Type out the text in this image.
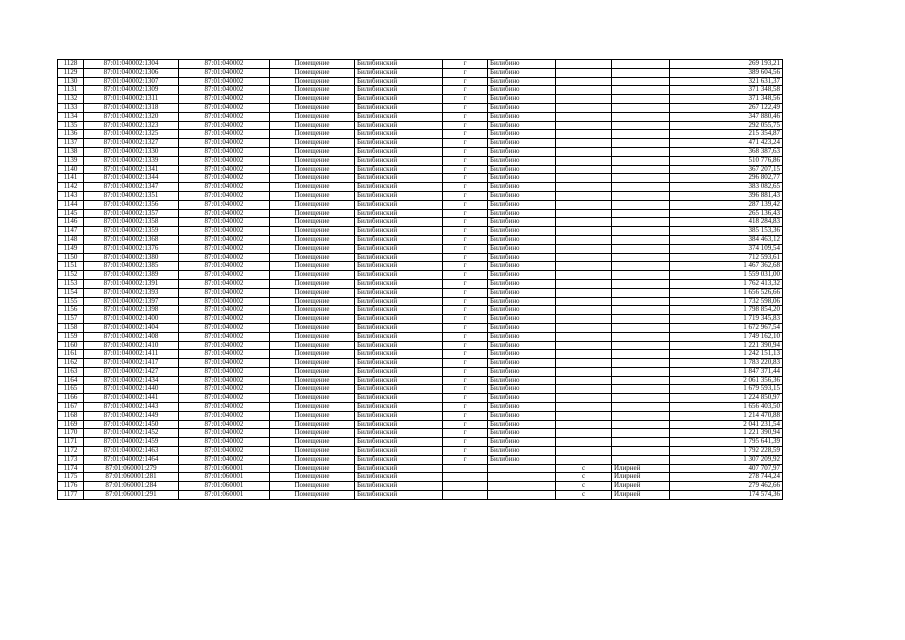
1128	87:01:040002:1304	87:01:040002	Помещение	Билибинский	г	Билибино			269 193,21
1129	87:01:040002:1306	87:01:040002	Помещение	Билибинский	г	Билибино			389 604,56
1130	87:01:040002:1307	87:01:040002	Помещение	Билибинский	г	Билибино			321 631,37
1131	87:01:040002:1309	87:01:040002	Помещение	Билибинский	г	Билибино			371 348,58
1132	87:01:040002:1311	87:01:040002	Помещение	Билибинский	г	Билибино			371 348,56
1133	87:01:040002:1318	87:01:040002	Помещение	Билибинский	г	Билибино			267 122,49
1134	87:01:040002:1320	87:01:040002	Помещение	Билибинский	г	Билибино			347 880,46
1135	87:01:040002:1323	87:01:040002	Помещение	Билибинский	г	Билибино			292 055,75
1136	87:01:040002:1325	87:01:040002	Помещение	Билибинский	г	Билибино			215 354,87
1137	87:01:040002:1327	87:01:040002	Помещение	Билибинский	г	Билибино			471 423,24
1138	87:01:040002:1330	87:01:040002	Помещение	Билибинский	г	Билибино			368 387,63
1139	87:01:040002:1339	87:01:040002	Помещение	Билибинский	г	Билибино			510 776,86
1140	87:01:040002:1341	87:01:040002	Помещение	Билибинский	г	Билибино			367 207,15
1141	87:01:040002:1344	87:01:040002	Помещение	Билибинский	г	Билибино			296 802,77
1142	87:01:040002:1347	87:01:040002	Помещение	Билибинский	г	Билибино			383 082,65
1143	87:01:040002:1351	87:01:040002	Помещение	Билибинский	г	Билибино			396 881,43
1144	87:01:040002:1356	87:01:040002	Помещение	Билибинский	г	Билибино			287 139,42
1145	87:01:040002:1357	87:01:040002	Помещение	Билибинский	г	Билибино			265 136,43
1146	87:01:040002:1358	87:01:040002	Помещение	Билибинский	г	Билибино			418 284,83
1147	87:01:040002:1359	87:01:040002	Помещение	Билибинский	г	Билибино			385 153,36
1148	87:01:040002:1368	87:01:040002	Помещение	Билибинский	г	Билибино			384 463,12
1149	87:01:040002:1376	87:01:040002	Помещение	Билибинский	г	Билибино			374 109,54
1150	87:01:040002:1380	87:01:040002	Помещение	Билибинский	г	Билибино			712 593,61
1151	87:01:040002:1385	87:01:040002	Помещение	Билибинский	г	Билибино			1 467 362,68
1152	87:01:040002:1389	87:01:040002	Помещение	Билибинский	г	Билибино			1 559 031,00
1153	87:01:040002:1391	87:01:040002	Помещение	Билибинский	г	Билибино			1 762 413,32
1154	87:01:040002:1393	87:01:040002	Помещение	Билибинский	г	Билибино			1 656 526,66
1155	87:01:040002:1397	87:01:040002	Помещение	Билибинский	г	Билибино			1 732 598,06
1156	87:01:040002:1398	87:01:040002	Помещение	Билибинский	г	Билибино			1 798 854,20
1157	87:01:040002:1400	87:01:040002	Помещение	Билибинский	г	Билибино			1 719 345,83
1158	87:01:040002:1404	87:01:040002	Помещение	Билибинский	г	Билибино			1 672 967,54
1159	87:01:040002:1408	87:01:040002	Помещение	Билибинский	г	Билибино			1 749 162,10
1160	87:01:040002:1410	87:01:040002	Помещение	Билибинский	г	Билибино			1 221 390,94
1161	87:01:040002:1411	87:01:040002	Помещение	Билибинский	г	Билибино			1 242 151,13
1162	87:01:040002:1417	87:01:040002	Помещение	Билибинский	г	Билибино			1 783 220,83
1163	87:01:040002:1427	87:01:040002	Помещение	Билибинский	г	Билибино			1 847 371,44
1164	87:01:040002:1434	87:01:040002	Помещение	Билибинский	г	Билибино			2 061 356,36
1165	87:01:040002:1440	87:01:040002	Помещение	Билибинский	г	Билибино			1 679 593,15
1166	87:01:040002:1441	87:01:040002	Помещение	Билибинский	г	Билибино			1 224 850,97
1167	87:01:040002:1443	87:01:040002	Помещение	Билибинский	г	Билибино			1 656 403,50
1168	87:01:040002:1449	87:01:040002	Помещение	Билибинский	г	Билибино			1 214 470,88
1169	87:01:040002:1450	87:01:040002	Помещение	Билибинский	г	Билибино			2 041 231,54
1170	87:01:040002:1452	87:01:040002	Помещение	Билибинский	г	Билибино			1 221 390,94
1171	87:01:040002:1459	87:01:040002	Помещение	Билибинский	г	Билибино			1 795 641,39
1172	87:01:040002:1463	87:01:040002	Помещение	Билибинский	г	Билибино			1 792 228,59
1173	87:01:040002:1464	87:01:040002	Помещение	Билибинский	г	Билибино			1 307 209,92
1174	87:01:060001:279	87:01:060001	Помещение	Билибинский			с	Илирней	407 707,97
1175	87:01:060001:281	87:01:060001	Помещение	Билибинский			с	Илирней	278 744,24
1176	87:01:060001:284	87:01:060001	Помещение	Билибинский			с	Илирней	279 462,66
1177	87:01:060001:291	87:01:060001	Помещение	Билибинский			с	Илирней	174 574,36
